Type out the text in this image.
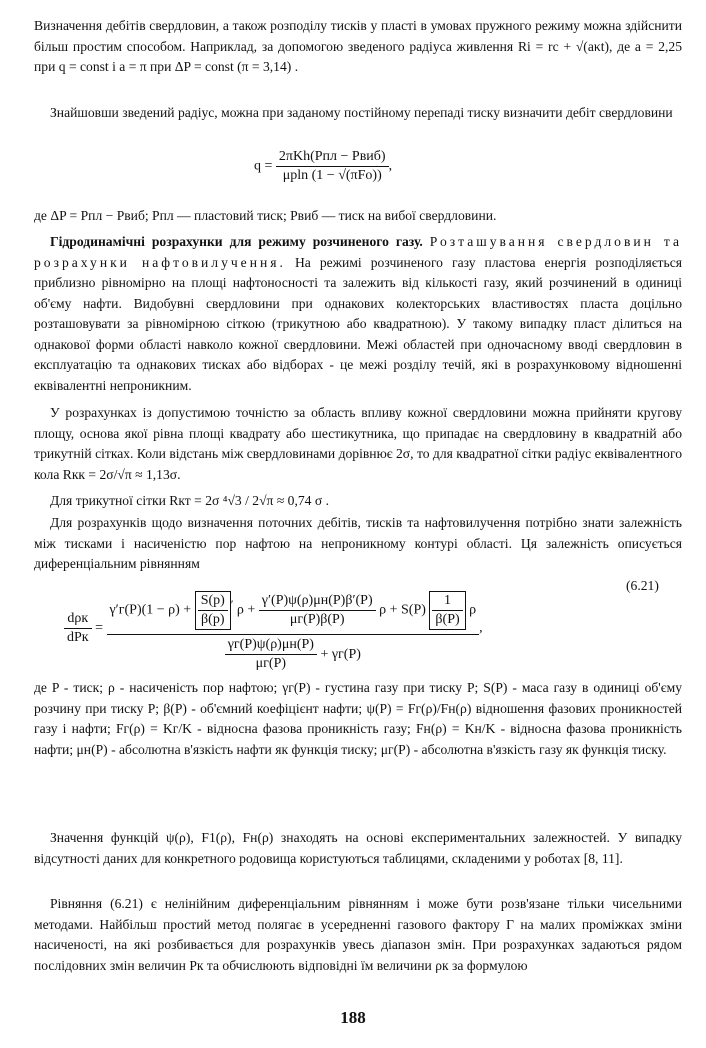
Визначення дебітів свердловин, а також розподілу тисків у пласті в умовах пружного режиму можна здійснити більш простим способом. Наприклад, за допомогою зведеного радіуса живлення Rі = rс + √(aκt), де a = 2,25 при q = const і a = π при ΔP = const (π = 3,14) .

Знайшовши зведений радіус, можна при заданому постійному перепаді тиску визначити дебіт свердловини

$q = \frac{\text{2πKh(Pпл − Pвиб)}}{\text{μрln (1 − √(πFо))}}$ ,

де ΔP = Pпл − Pвиб; Pпл — пластовий тиск; Pвиб — тиск на вибої свердловини.

Гідродинамічні розрахунки для режиму розчиненого газу. Розташування свердловин та розрахунки нафтовилучення. На режимі розчиненого газу пластова енергія розподіляється приблизно рівномірно на площі нафтоносності та залежить від кількості газу, який розчинений в одиниці об'єму нафти. Видобувні свердловини при однакових колекторських властивостях пласта доцільно розташовувати за рівномірною сіткою (трикутною або квадратною). У такому випадку пласт ділиться на однакової форми області навколо кожної свердловини. Межі областей при одночасному вводі свердловин в експлуатацію та однакових тисках або відборах - це межі розділу течій, які в розрахунковому відношенні еквівалентні непроникним.

У розрахунках із допустимою точністю за область впливу кожної свердловини можна прийняти кругову площу, основа якої рівна площі квадрату або шестикутника, що припадає на свердловину в квадратній або трикутній сітках. Коли відстань між свердловинами дорівнює 2σ, то для квадратної сітки радіус еквівалентного кола Rкк = 2σ/√π ≈ 1,13σ.

Для трикутної сітки Rкт = 2σ ⁴√3 / 2√π ≈ 0,74 σ .

Для розрахунків щодо визначення поточних дебітів, тисків та нафтовилучення потрібно знати залежність між тисками і насиченістю пор нафтою на непроникному контурі області. Ця залежність описується диференціальним рівнянням

(6.21)
$\frac{\text{dρк}}{\text{dPк}}$ =
$\gamma'г(P)(1 - \rho) + \frac{S(p)}{\beta(p)} '$ $\rho + \frac{\gamma'(P)\psi(\rho)\mu н(P)\beta'(P)}{\mu г(P)\beta(P)}$ $\rho + S(P) \frac{1}{\beta(P)}$ ρ
$\frac{\gamma г(P)\psi(\rho)\mu н(P)}{\mu г(P)} + \gamma г(P)$
,

де P - тиск; ρ - насиченість пор нафтою; γг(P) - густина газу при тиску P; S(P) - маса газу в одиниці об'єму розчину при тиску P; β(P) - об'ємний коефіцієнт нафти; ψ(P) = Fг(ρ)/Fн(ρ) відношення фазових проникностей газу і нафти; Fг(ρ) = Kг/K - відносна фазова проникність газу; Fн(ρ) = Kн/K - відносна фазова проникність нафти; μн(P) - абсолютна в'язкість нафти як функція тиску; μг(P) - абсолютна в'язкість газу як функція тиску.

Значення функцій ψ(ρ), F1(ρ), Fн(ρ) знаходять на основі експериментальних залежностей. У випадку відсутності даних для конкретного родовища користуються таблицями, складеними у роботах [8, 11].

Рівняння (6.21) є нелінійним диференціальним рівнянням і може бути розв'язане тільки чисельними методами. Найбільш простий метод полягає в усередненні газового фактору Γ на малих проміжках зміни насиченості, на які розбивається для розрахунків увесь діапазон змін. При розрахунках задаються рядом послідовних змін величин Pк та обчислюють відповідні їм величини ρк за формулою

188
